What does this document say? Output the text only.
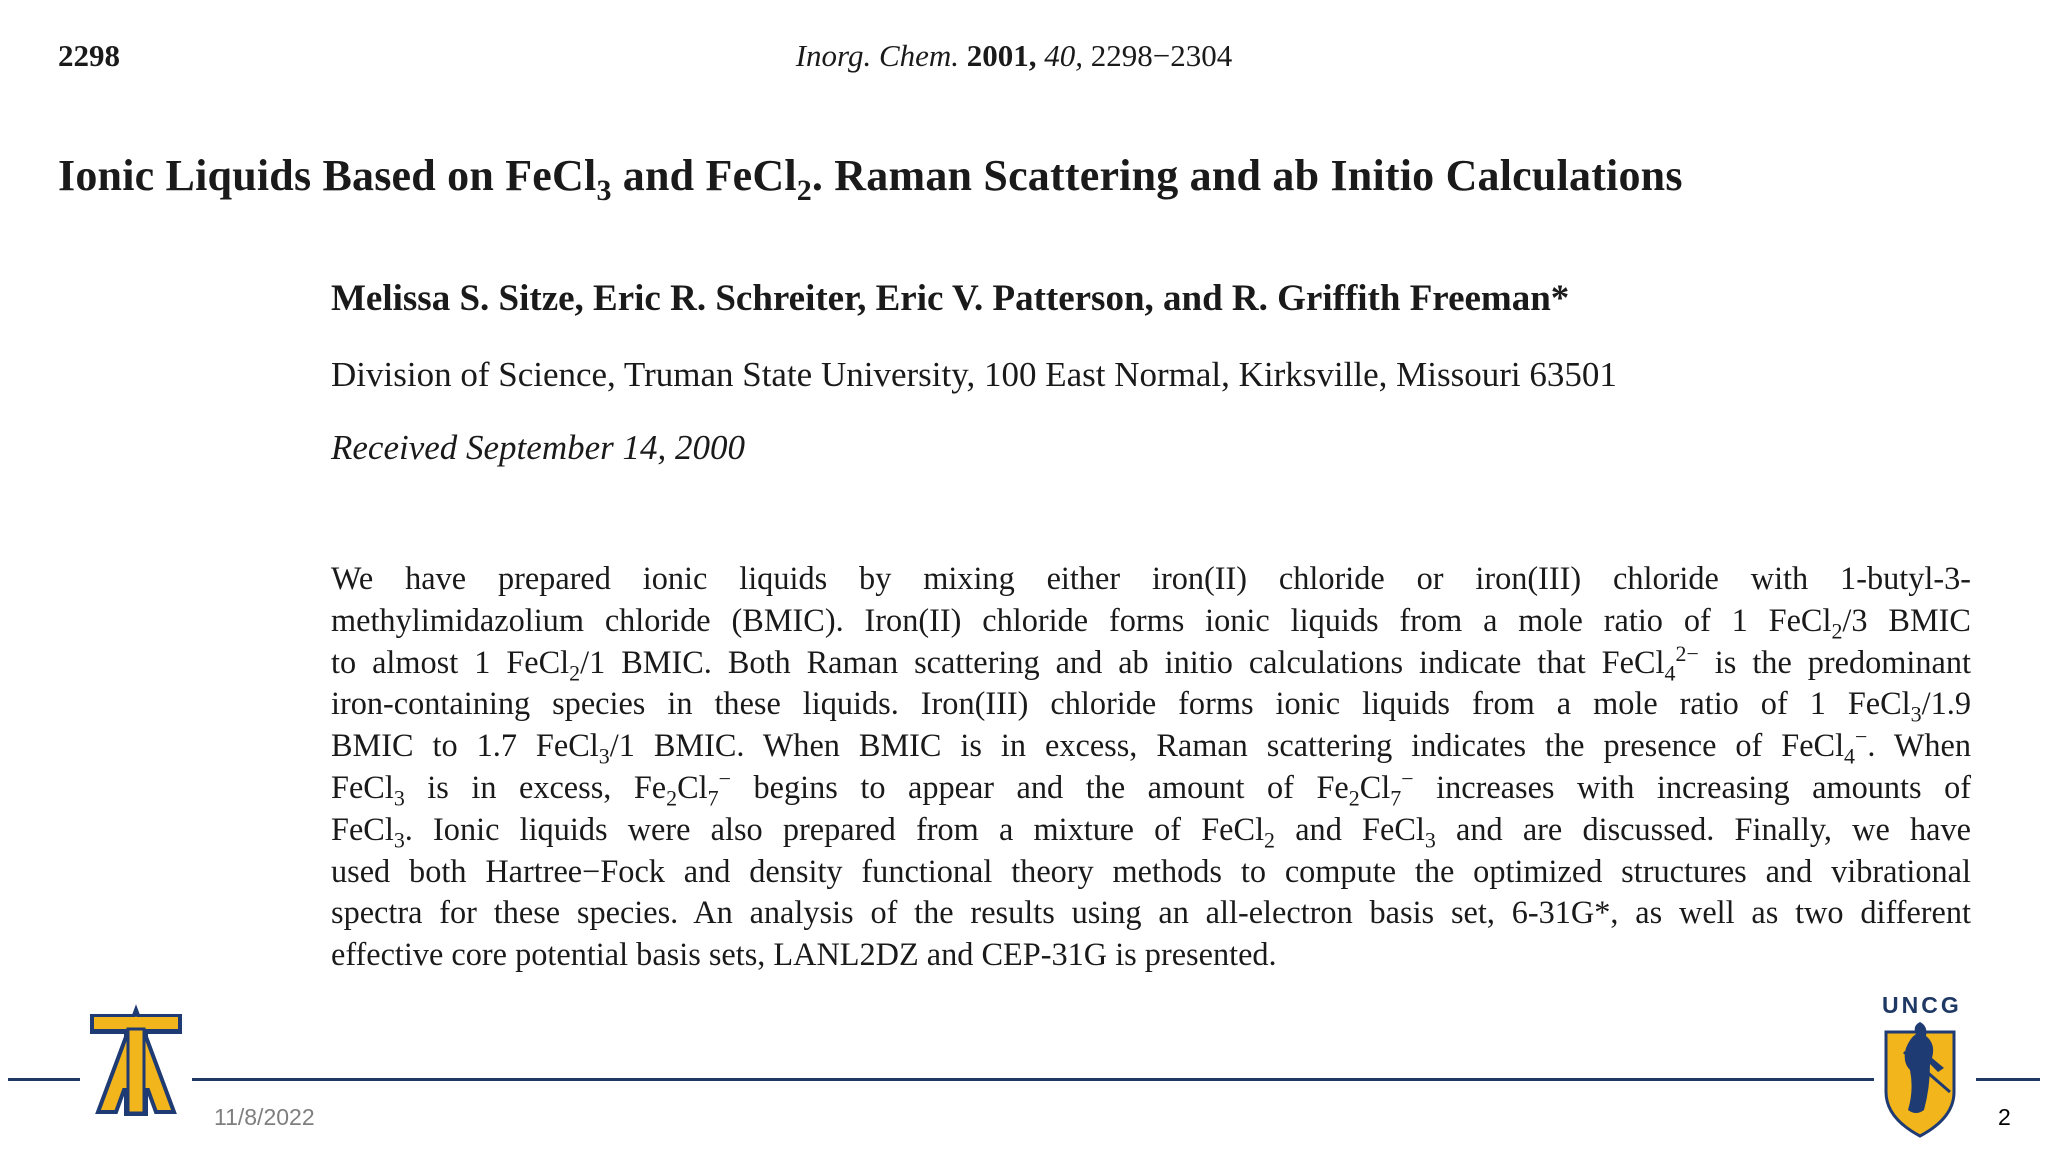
2298	Inorg. Chem. 2001, 40, 2298−2304
Ionic Liquids Based on FeCl$_3$ and FeCl$_2$. Raman Scattering and ab Initio Calculations
Melissa S. Sitze, Eric R. Schreiter, Eric V. Patterson, and R. Griffith Freeman*
Division of Science, Truman State University, 100 East Normal, Kirksville, Missouri 63501
Received September 14, 2000
We have prepared ionic liquids by mixing either iron(II) chloride or iron(III) chloride with 1-butyl-3-
methylimidazolium chloride (BMIC). Iron(II) chloride forms ionic liquids from a mole ratio of 1 FeCl$_2$/3 BMIC
to almost 1 FeCl$_2$/1 BMIC. Both Raman scattering and ab initio calculations indicate that FeCl$_4^{2-}$ is the predominant
iron-containing species in these liquids. Iron(III) chloride forms ionic liquids from a mole ratio of 1 FeCl$_3$/1.9
BMIC to 1.7 FeCl$_3$/1 BMIC. When BMIC is in excess, Raman scattering indicates the presence of FeCl$_4$−. When
FeCl$_3$ is in excess, $Fe_2Cl_7^-$ begins to appear and the amount of $Fe_2Cl_7^-$ increases with increasing amounts of
FeCl$_3$. Ionic liquids were also prepared from a mixture of FeCl$_2$ and FeCl$_3$ and are discussed. Finally, we have
used both Hartree−Fock and density functional theory methods to compute the optimized structures and vibrational
spectra for these species. An analysis of the results using an all-electron basis set, 6-31G*, as well as two different
effective core potential basis sets, LANL2DZ and CEP-31G is presented.
UNCG
11/8/2022	2
